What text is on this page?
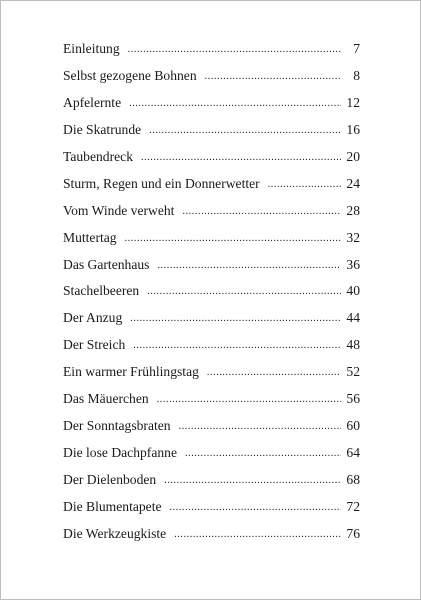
Einleitung .....	7
Selbst gezogene Bohnen .....	8
Apfelernte .....	12
Die Skatrunde .....	16
Taubendreck .....	20
Sturm, Regen und ein Donnerwetter .....	24
Vom Winde verweht .....	28
Muttertag .....	32
Das Gartenhaus .....	36
Stachelbeeren .....	40
Der Anzug .....	44
Der Streich .....	48
Ein warmer Frühlingstag .....	52
Das Mäuerchen .....	56
Der Sonntagsbraten .....	60
Die lose Dachpfanne .....	64
Der Dielenboden .....	68
Die Blumentapete .....	72
Die Werkzeugkiste .....	76
